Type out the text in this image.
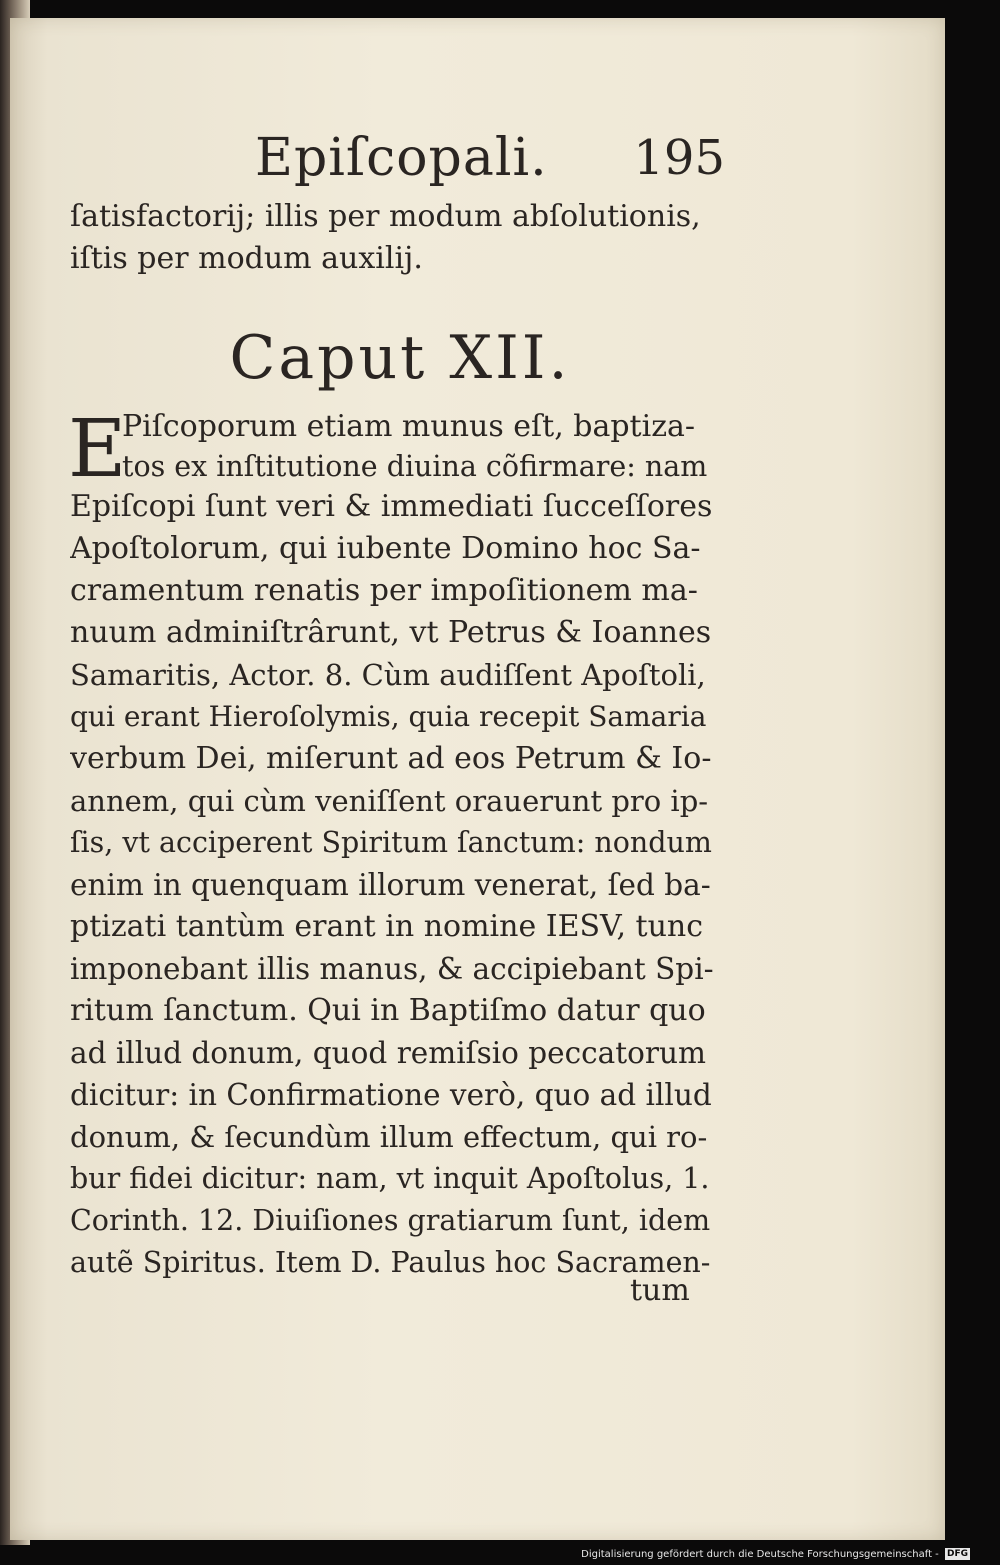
Epiſcopali. 195
ſatisfactorij; illis per modum abſolutionis,
iſtis per modum auxilij.
Caput XII.
E
Piſcoporum etiam munus eſt, baptiza-
tos ex inſtitutione diuina cõfirmare: nam
Epiſcopi ſunt veri & immediati ſucceſſores
Apoſtolorum, qui iubente Domino hoc Sa-
cramentum renatis per impoſitionem ma-
nuum adminiſtrârunt, vt Petrus & Ioannes
Samaritis, Actor. 8. Cùm audiſſent Apoſtoli,
qui erant Hieroſolymis, quia recepit Samaria
verbum Dei, miſerunt ad eos Petrum & Io-
annem, qui cùm veniſſent orauerunt pro ip-
ſis, vt acciperent Spiritum ſanctum: nondum
enim in quenquam illorum venerat, ſed ba-
ptizati tantùm erant in nomine IESV, tunc
imponebant illis manus, & accipiebant Spi-
ritum ſanctum. Qui in Baptiſmo datur quo
ad illud donum, quod remiſsio peccatorum
dicitur: in Confirmatione verò, quo ad illud
donum, & ſecundùm illum effectum, qui ro-
bur fidei dicitur: nam, vt inquit Apoſtolus, 1.
Corinth. 12. Diuiſiones gratiarum ſunt, idem
autẽ Spiritus. Item D. Paulus hoc Sacramen-
tum
Digitalisierung gefördert durch die Deutsche Forschungsgemeinschaft - DFG
